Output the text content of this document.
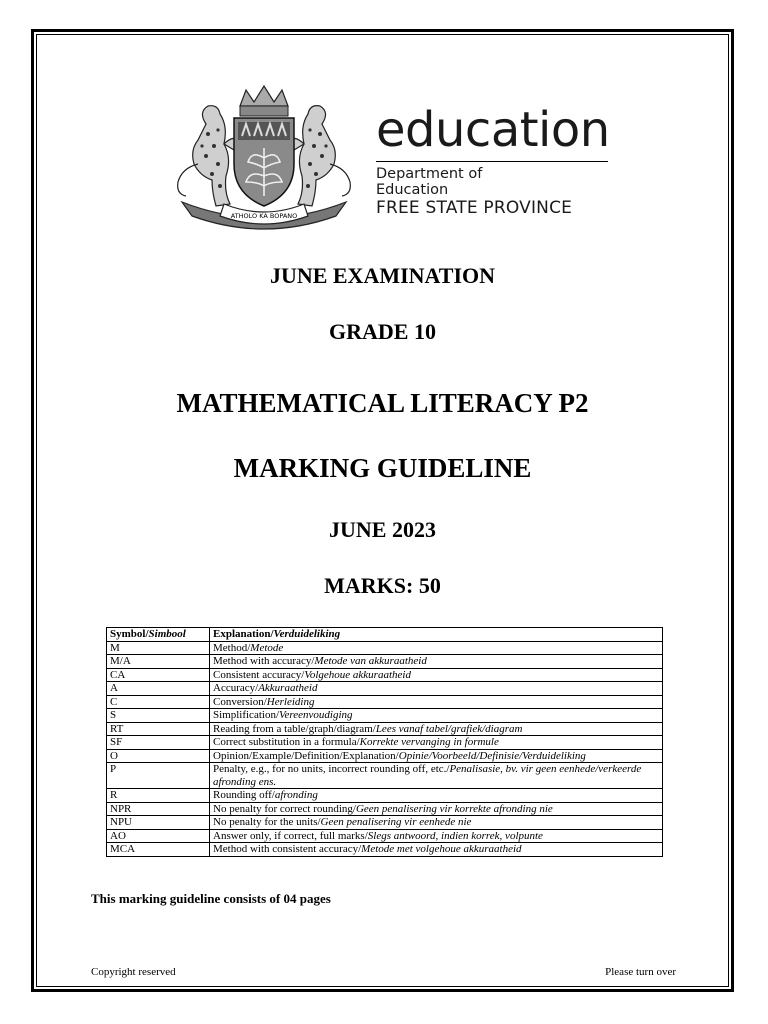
ATHOLO KA BOPANO
education
Department of
Education
FREE STATE PROVINCE
JUNE EXAMINATION
GRADE 10
MATHEMATICAL LITERACY P2
MARKING GUIDELINE
JUNE 2023
MARKS: 50
Symbol/Simbool	Explanation/Verduideliking
M	Method/Metode
M/A	Method with accuracy/Metode van akkuraatheid
CA	Consistent accuracy/Volgehoue akkuraatheid
A	Accuracy/Akkuraatheid
C	Conversion/Herleiding
S	Simplification/Vereenvoudiging
RT	Reading from a table/graph/diagram/Lees vanaf tabel/grafiek/diagram
SF	Correct substitution in a formula/Korrekte vervanging in formule
O	Opinion/Example/Definition/Explanation/Opinie/Voorbeeld/Definisie/Verduideliking
P	Penalty, e.g., for no units, incorrect rounding off, etc./Penalisasie, bv. vir geen eenhede/verkeerde afronding ens.
R	Rounding off/afronding
NPR	No penalty for correct rounding/Geen penalisering vir korrekte afronding nie
NPU	No penalty for the units/Geen penalisering vir eenhede nie
AO	Answer only, if correct, full marks/Slegs antwoord, indien korrek, volpunte
MCA	Method with consistent accuracy/Metode met volgehoue akkuraatheid
This marking guideline consists of 04 pages
Copyright reserved	Please turn over
